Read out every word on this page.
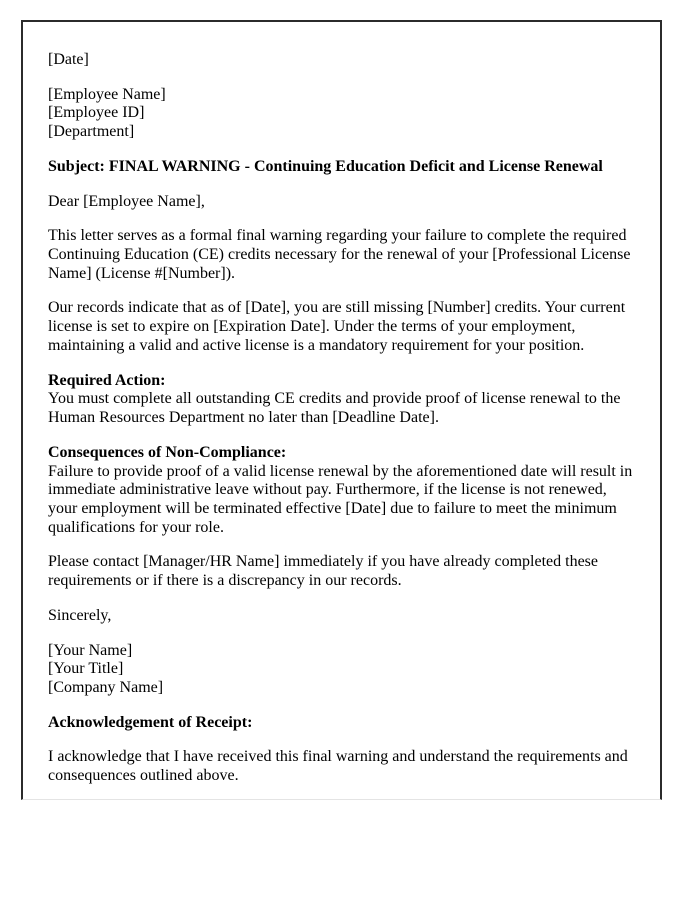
[Date]

[Employee Name]
[Employee ID]
[Department]

Subject: FINAL WARNING - Continuing Education Deficit and License Renewal

Dear [Employee Name],

This letter serves as a formal final warning regarding your failure to complete the required Continuing Education (CE) credits necessary for the renewal of your [Professional License Name] (License #[Number]).

Our records indicate that as of [Date], you are still missing [Number] credits. Your current license is set to expire on [Expiration Date]. Under the terms of your employment, maintaining a valid and active license is a mandatory requirement for your position.

Required Action:
You must complete all outstanding CE credits and provide proof of license renewal to the Human Resources Department no later than [Deadline Date].

Consequences of Non-Compliance:
Failure to provide proof of a valid license renewal by the aforementioned date will result in immediate administrative leave without pay. Furthermore, if the license is not renewed, your employment will be terminated effective [Date] due to failure to meet the minimum qualifications for your role.

Please contact [Manager/HR Name] immediately if you have already completed these requirements or if there is a discrepancy in our records.

Sincerely,

[Your Name]
[Your Title]
[Company Name]

Acknowledgement of Receipt:

I acknowledge that I have received this final warning and understand the requirements and consequences outlined above.
